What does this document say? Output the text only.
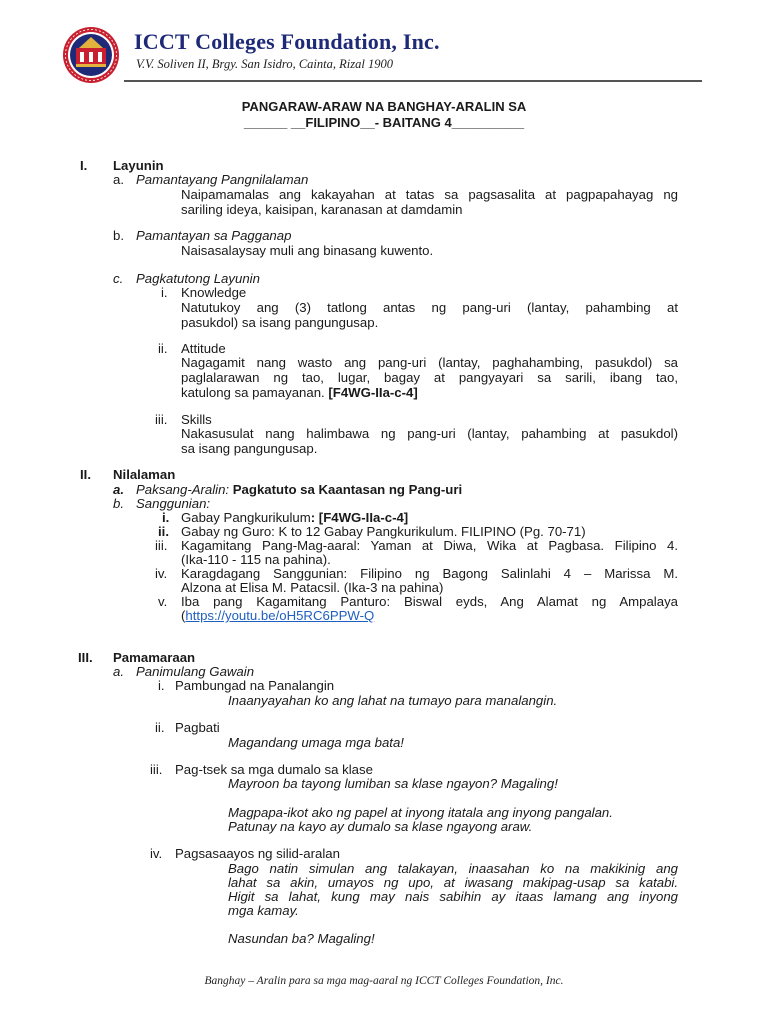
ICCT Colleges Foundation, Inc.
V.V. Soliven II, Brgy. San Isidro, Cainta, Rizal 1900
PANGARAW-ARAW NA BANGHAY-ARALIN SA
______ __FILIPINO__- BAITANG 4__________
I. Layunin
a. Pamantayang Pangnilalaman
Naipamamalas ang kakayahan at tatas sa pagsasalita at pagpapahayag ng
sariling ideya, kaisipan, karanasan at damdamin
b. Pamantayan sa Pagganap
Naisasalaysay muli ang binasang kuwento.
c. Pagkatutong Layunin
i. Knowledge
Natutukoy ang (3) tatlong antas ng pang-uri (lantay, pahambing at
pasukdol) sa isang pangungusap.
ii. Attitude
Nagagamit nang wasto ang pang-uri (lantay, paghahambing, pasukdol) sa
paglalarawan ng tao, lugar, bagay at pangyayari sa sarili, ibang tao,
katulong sa pamayanan. [F4WG-IIa-c-4]
iii. Skills
Nakasusulat nang halimbawa ng pang-uri (lantay, pahambing at pasukdol)
sa isang pangungusap.
II. Nilalaman
a. Paksang-Aralin: Pagkatuto sa Kaantasan ng Pang-uri
b. Sanggunian:
i. Gabay Pangkurikulum: [F4WG-IIa-c-4]
ii. Gabay ng Guro: K to 12 Gabay Pangkurikulum. FILIPINO (Pg. 70-71)
iii. Kagamitang Pang-Mag-aaral: Yaman at Diwa, Wika at Pagbasa. Filipino 4.
(Ika-110 - 115 na pahina).
iv. Karagdagang Sanggunian: Filipino ng Bagong Salinlahi 4 – Marissa M.
Alzona at Elisa M. Patacsil. (Ika-3 na pahina)
v. Iba pang Kagamitang Panturo: Biswal eyds, Ang Alamat ng Ampalaya
(https://youtu.be/oH5RC6PPW-Q
III. Pamamaraan
a. Panimulang Gawain
i. Pambungad na Panalangin
Inaanyayahan ko ang lahat na tumayo para manalangin.
ii. Pagbati
Magandang umaga mga bata!
iii. Pag-tsek sa mga dumalo sa klase
Mayroon ba tayong lumiban sa klase ngayon? Magaling!
Magpapa-ikot ako ng papel at inyong itatala ang inyong pangalan.
Patunay na kayo ay dumalo sa klase ngayong araw.
iv. Pagsasaayos ng silid-aralan
Bago natin simulan ang talakayan, inaasahan ko na makikinig ang
lahat sa akin, umayos ng upo, at iwasang makipag-usap sa katabi.
Higit sa lahat, kung may nais sabihin ay itaas lamang ang inyong
mga kamay.
Nasundan ba? Magaling!
Banghay – Aralin para sa mga mag-aaral ng ICCT Colleges Foundation, Inc.
